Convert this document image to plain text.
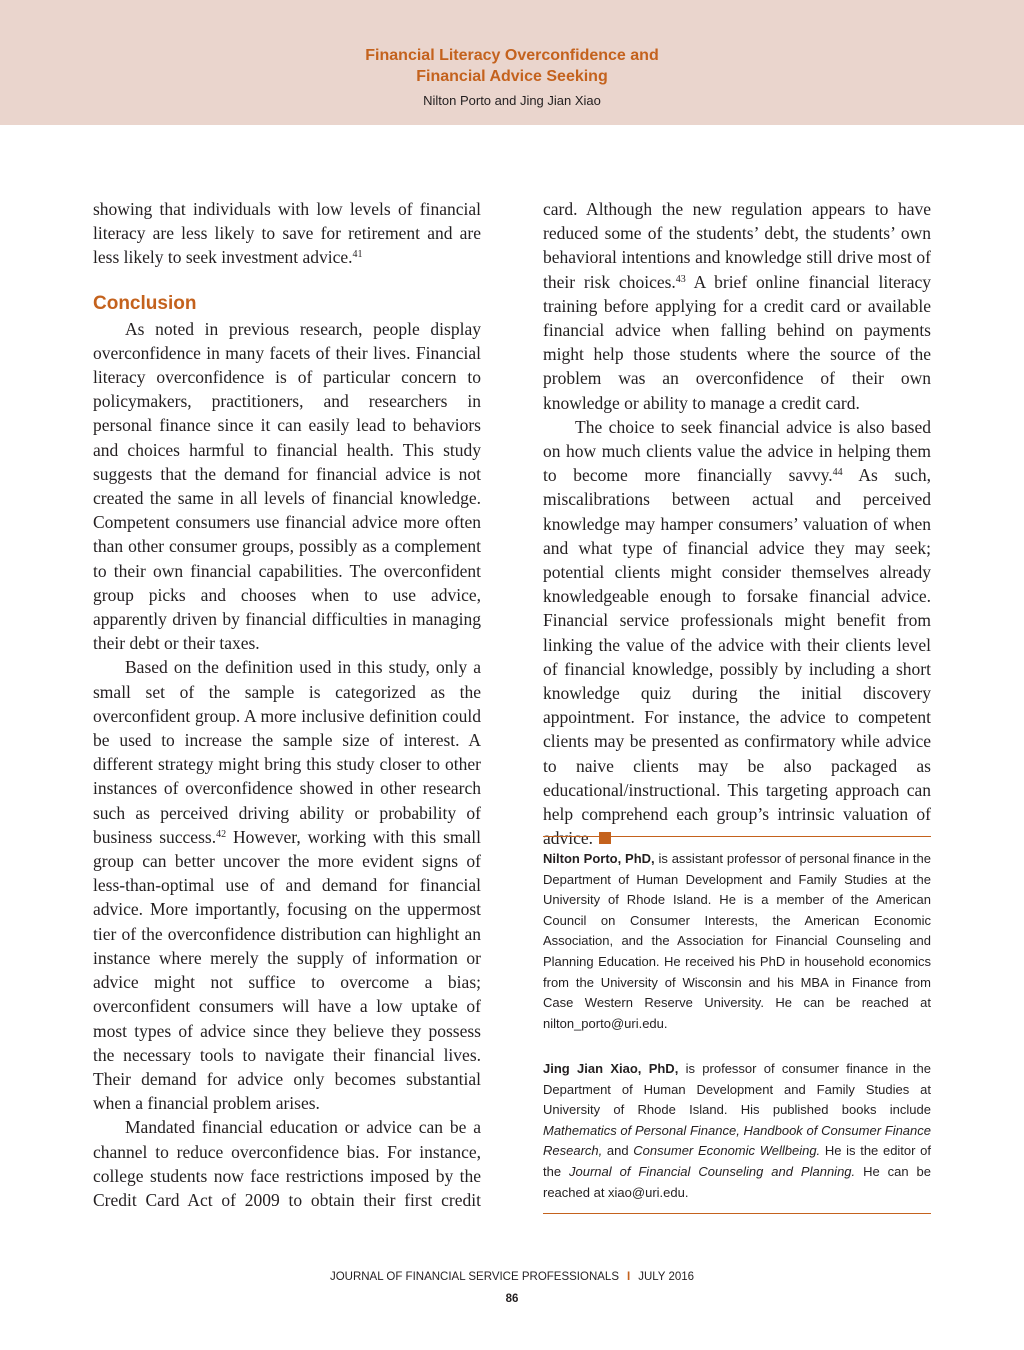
Financial Literacy Overconfidence and
Financial Advice Seeking
Nilton Porto and Jing Jian Xiao

showing that individuals with low levels of financial literacy are less likely to save for retirement and are less likely to seek investment advice.$^{41}$

Conclusion

As noted in previous research, people display overconfidence in many facets of their lives. Financial literacy overconfidence is of particular concern to policymakers, practitioners, and researchers in personal finance since it can easily lead to behaviors and choices harmful to financial health. This study suggests that the demand for financial advice is not created the same in all levels of financial knowledge. Competent consumers use financial advice more often than other consumer groups, possibly as a complement to their own financial capabilities. The overconfident group picks and chooses when to use advice, apparently driven by financial difficulties in managing their debt or their taxes.

Based on the definition used in this study, only a small set of the sample is categorized as the overconfident group. A more inclusive definition could be used to increase the sample size of interest. A different strategy might bring this study closer to other instances of overconfidence showed in other research such as perceived driving ability or probability of business success.$^{42}$ However, working with this small group can better uncover the more evident signs of less-than-optimal use of and demand for financial advice. More importantly, focusing on the uppermost tier of the overconfidence distribution can highlight an instance where merely the supply of information or advice might not suffice to overcome a bias; overconfident consumers will have a low uptake of most types of advice since they believe they possess the necessary tools to navigate their financial lives. Their demand for advice only becomes substantial when a financial problem arises.

Mandated financial education or advice can be a channel to reduce overconfidence bias. For instance, college students now face restrictions imposed by the Credit Card Act of 2009 to obtain their first credit

card. Although the new regulation appears to have reduced some of the students’ debt, the students’ own behavioral intentions and knowledge still drive most of their risk choices.$^{43}$ A brief online financial literacy training before applying for a credit card or available financial advice when falling behind on payments might help those students where the source of the problem was an overconfidence of their own knowledge or ability to manage a credit card.

The choice to seek financial advice is also based on how much clients value the advice in helping them to become more financially savvy.$^{44}$ As such, miscalibrations between actual and perceived knowledge may hamper consumers’ valuation of when and what type of financial advice they may seek; potential clients might consider themselves already knowledgeable enough to forsake financial advice. Financial service professionals might benefit from linking the value of the advice with their clients level of financial knowledge, possibly by including a short knowledge quiz during the initial discovery appointment. For instance, the advice to competent clients may be presented as confirmatory while advice to naive clients may be also packaged as educational/instructional. This targeting approach can help comprehend each group’s intrinsic valuation of advice.

Nilton Porto, PhD, is assistant professor of personal finance in the Department of Human Development and Family Studies at the University of Rhode Island. He is a member of the American Council on Consumer Interests, the American Economic Association, and the Association for Financial Counseling and Planning Education. He received his PhD in household economics from the University of Wisconsin and his MBA in Finance from Case Western Reserve University. He can be reached at nilton_porto@uri.edu.
Jing Jian Xiao, PhD, is professor of consumer finance in the Department of Human Development and Family Studies at University of Rhode Island. His published books include Mathematics of Personal Finance, Handbook of Consumer Finance Research, and Consumer Economic Wellbeing. He is the editor of the Journal of Financial Counseling and Planning. He can be reached at xiao@uri.edu.
JOURNAL OF FINANCIAL SERVICE PROFESSIONALS I JULY 2016
86
